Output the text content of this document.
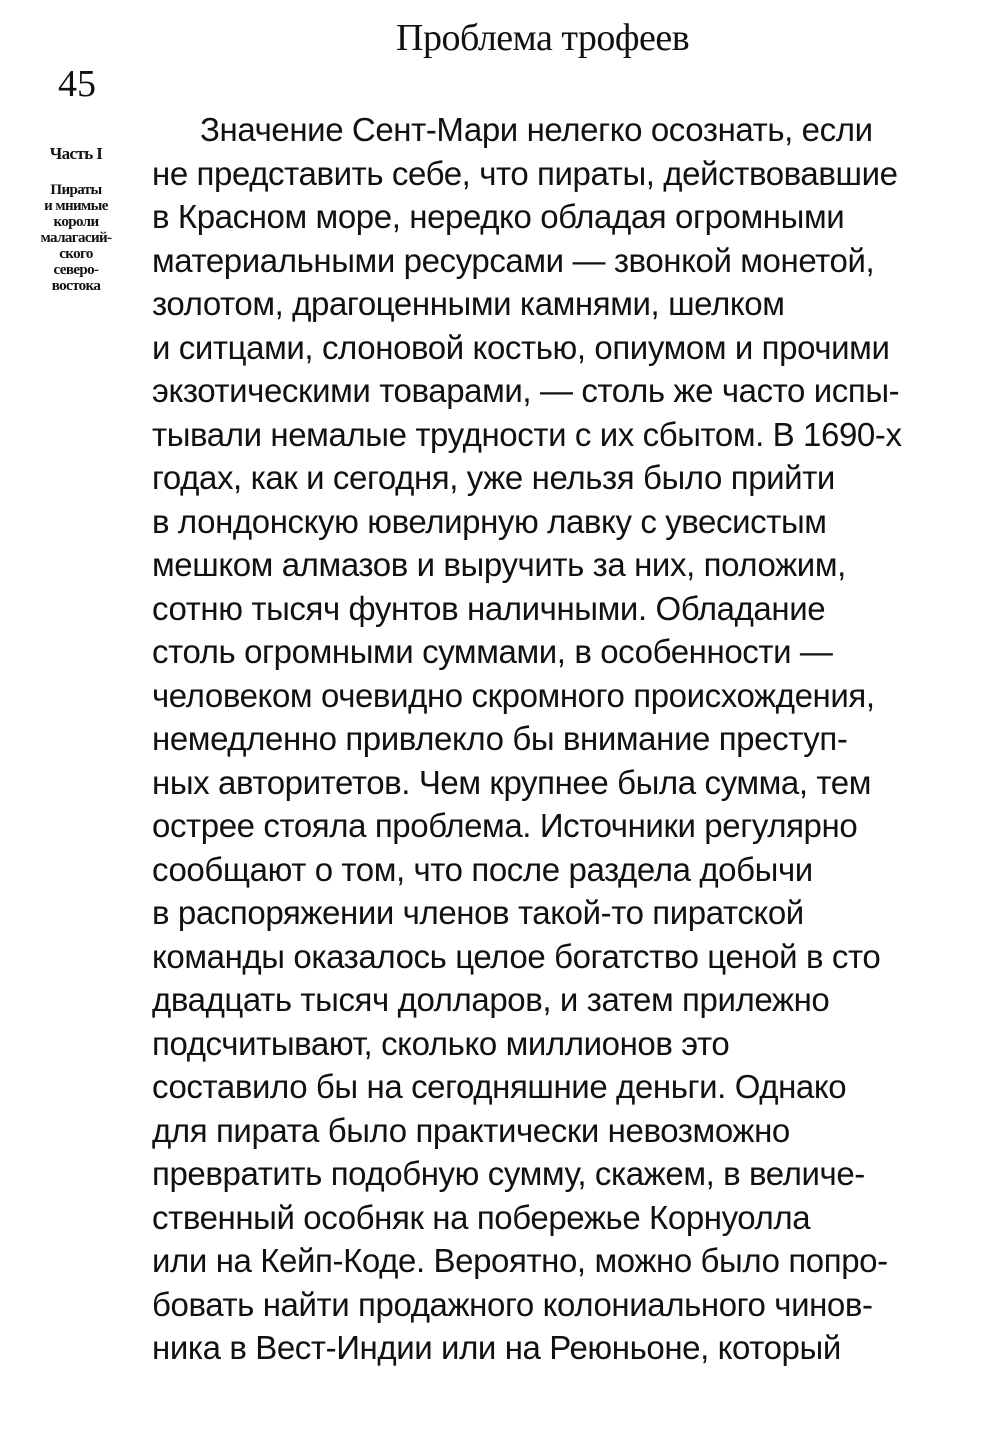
45
Проблема трофеев
Часть I
Пираты
и мнимые
короли
малагасий-
ского
северо-
востока
Значение Сент-Мари нелегко осознать, если
не представить себе, что пираты, действовавшие
в Красном море, нередко обладая огромными
материальными ресурсами — звонкой монетой,
золотом, драгоценными камнями, шелком
и ситцами, слоновой костью, опиумом и прочими
экзотическими товарами, — столь же часто испы-
тывали немалые трудности с их сбытом. В 1690-х
годах, как и сегодня, уже нельзя было прийти
в лондонскую ювелирную лавку с увесистым
мешком алмазов и выручить за них, положим,
сотню тысяч фунтов наличными. Обладание
столь огромными суммами, в особенности —
человеком очевидно скромного происхождения,
немедленно привлекло бы внимание преступ-
ных авторитетов. Чем крупнее была сумма, тем
острее стояла проблема. Источники регулярно
сообщают о том, что после раздела добычи
в распоряжении членов такой-то пиратской
команды оказалось целое богатство ценой в сто
двадцать тысяч долларов, и затем прилежно
подсчитывают, сколько миллионов это
составило бы на сегодняшние деньги. Однако
для пирата было практически невозможно
превратить подобную сумму, скажем, в величе-
ственный особняк на побережье Корнуолла
или на Кейп-Коде. Вероятно, можно было попро-
бовать найти продажного колониального чинов-
ника в Вест-Индии или на Реюньоне, который
